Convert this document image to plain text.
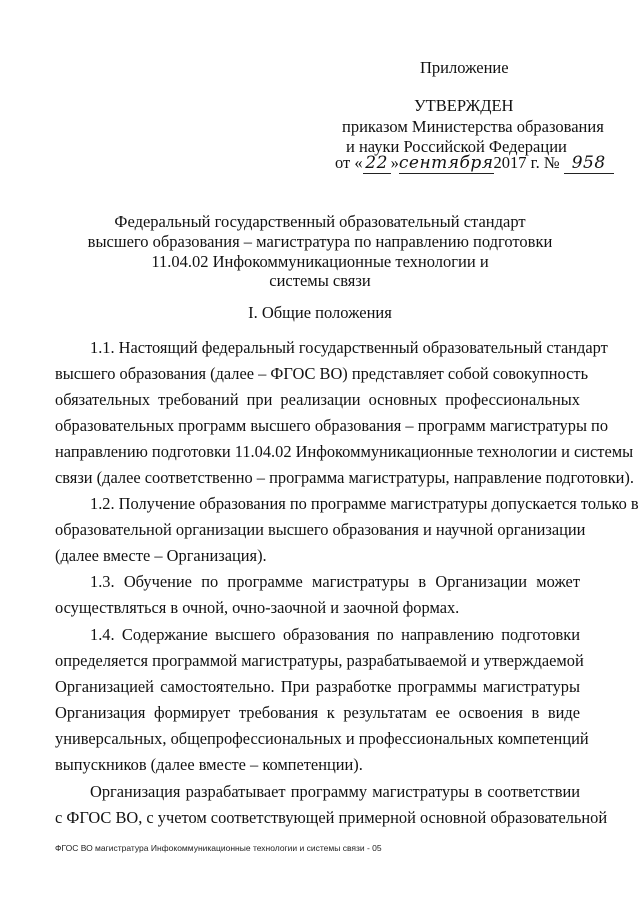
Приложение
УТВЕРЖДЕН
приказом Министерства образования
и науки Российской Федерации
от « 22 »сентября2017 г. № 958
Федеральный государственный образовательный стандарт
высшего образования – магистратура по направлению подготовки
11.04.02 Инфокоммуникационные технологии и
системы связи
I. Общие положения
1.1. Настоящий федеральный государственный образовательный стандарт
высшего образования (далее – ФГОС ВО) представляет собой совокупность
обязательных требований при реализации основных профессиональных
образовательных программ высшего образования – программ магистратуры по
направлению подготовки 11.04.02 Инфокоммуникационные технологии и системы
связи (далее соответственно – программа магистратуры, направление подготовки).
1.2. Получение образования по программе магистратуры допускается только в
образовательной организации высшего образования и научной организации
(далее вместе – Организация).
1.3. Обучение по программе магистратуры в Организации может
осуществляться в очной, очно-заочной и заочной формах.
1.4. Содержание высшего образования по направлению подготовки
определяется программой магистратуры, разрабатываемой и утверждаемой
Организацией самостоятельно. При разработке программы магистратуры
Организация формирует требования к результатам ее освоения в виде
универсальных, общепрофессиональных и профессиональных компетенций
выпускников (далее вместе – компетенции).
Организация разрабатывает программу магистратуры в соответствии
с ФГОС ВО, с учетом соответствующей примерной основной образовательной
ФГОС ВО магистратура Инфокоммуникационные технологии и системы связи - 05
